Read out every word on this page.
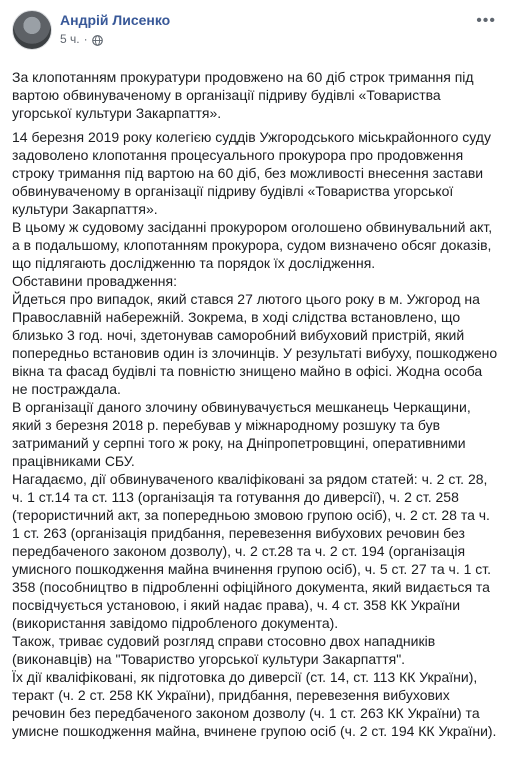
Андрій Лисенко
5 ч. ·
•••

За клопотанням прокуратури продовжено на 60 діб строк тримання під вартою обвинуваченому в організації підриву будівлі «Товариства угорської культури Закарпаття».

14 березня 2019 року колегією суддів Ужгородського міськрайонного суду задоволено клопотання процесуального прокурора про продовження строку тримання під вартою на 60 діб, без можливості внесення застави обвинуваченому в організації підриву будівлі «Товариства угорської культури Закарпаття».

В цьому ж судовому засіданні прокурором оголошено обвинувальний акт, а в подальшому, клопотанням прокурора, судом визначено обсяг доказів, що підлягають дослідженню та порядок їх дослідження.

Обставини провадження:

Йдеться про випадок, який стався 27 лютого цього року в м. Ужгород на Православній набережній. Зокрема, в ході слідства встановлено, що близько 3 год. ночі, здетонував саморобний вибуховий пристрій, який попередньо встановив один із злочинців. У результаті вибуху, пошкоджено вікна та фасад будівлі та повністю знищено майно в офісі. Жодна особа не постраждала.

В організації даного злочину обвинувачується мешканець Черкащини, який з березня 2018 р. перебував у міжнародному розшуку та був затриманий у серпні того ж року, на Дніпропетровщині, оперативними працівниками СБУ.

Нагадаємо, дії обвинуваченого кваліфіковані за рядом статей: ч. 2 ст. 28, ч. 1 ст.14 та ст. 113 (організація та готування до диверсії), ч. 2 ст. 258 (терористичний акт, за попередньою змовою групою осіб), ч. 2 ст. 28 та ч. 1 ст. 263 (організація придбання, перевезення вибухових речовин без передбаченого законом дозволу), ч. 2 ст.28 та ч. 2 ст. 194 (організація умисного пошкодження майна вчинення групою осіб), ч. 5 ст. 27 та ч. 1 ст. 358 (пособництво в підробленні офіційного документа, який видається та посвідчується установою, і який надає права), ч. 4 ст. 358 КК України (використання завідомо підробленого документа).

Також, триває судовий розгляд справи стосовно двох нападників (виконавців) на "Товариство угорської культури Закарпаття".

Їх дії кваліфіковані, як підготовка до диверсії (ст. 14, ст. 113 КК України), теракт (ч. 2 ст. 258 КК України), придбання, перевезення вибухових речовин без передбаченого законом дозволу (ч. 1 ст. 263 КК України) та умисне пошкодження майна, вчинене групою осіб (ч. 2 ст. 194 КК України).
